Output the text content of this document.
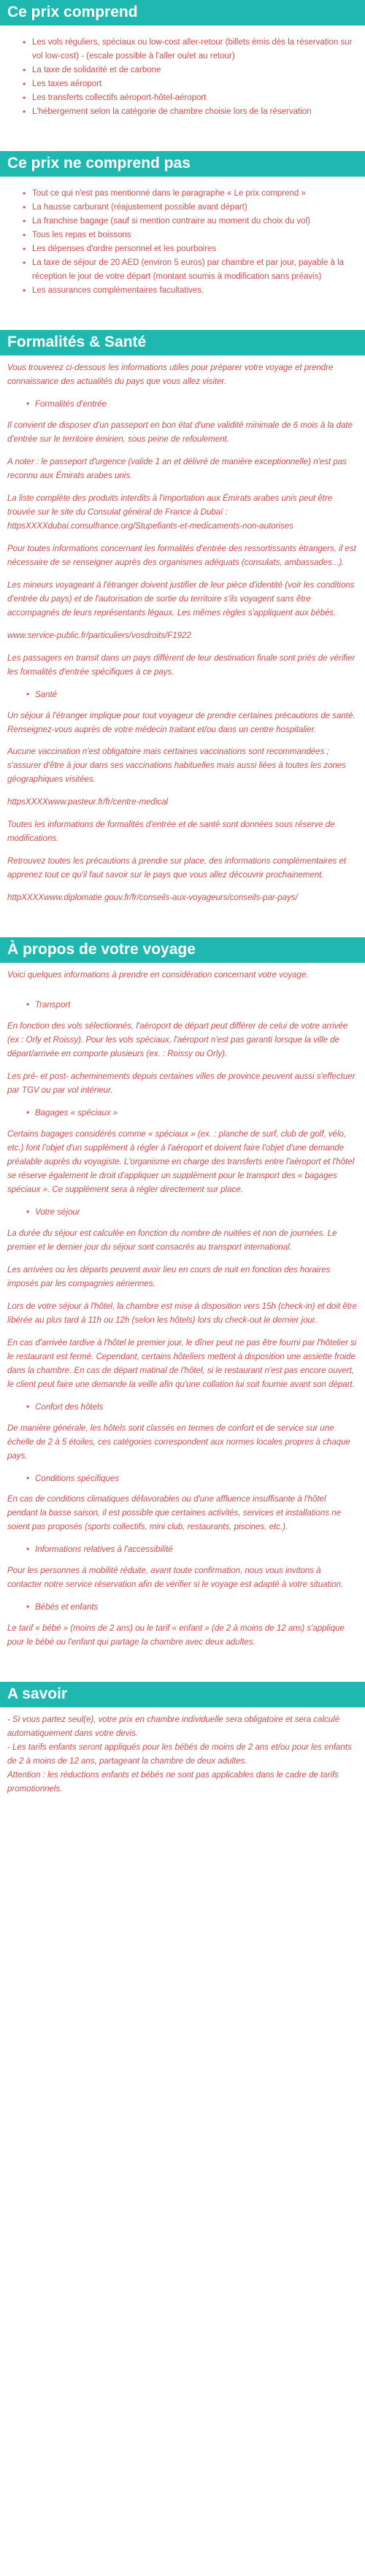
Ce prix comprend
• Les vols réguliers, spéciaux ou low-cost aller-retour (billets émis dès la réservation sur vol low-cost) - (escale possible à l'aller ou/et au retour)
• La taxe de solidarité et de carbone
• Les taxes aéroport
• Les transferts collectifs aéroport-hôtel-aéroport
• L'hébergement selon la catégorie de chambre choisie lors de la réservation
Ce prix ne comprend pas
• Tout ce qui n'est pas mentionné dans le paragraphe « Le prix comprend »
• La hausse carburant (réajustement possible avant départ)
• La franchise bagage (sauf si mention contraire au moment du choix du vol)
• Tous les repas et boissons
• Les dépenses d'ordre personnel et les pourboires
• La taxe de séjour de 20 AED (environ 5 euros) par chambre et par jour, payable à la réception le jour de votre départ (montant soumis à modification sans préavis)
• Les assurances complémentaires facultatives.
Formalités & Santé

Vous trouverez ci-dessous les informations utiles pour préparer votre voyage et prendre connaissance des actualités du pays que vous allez visiter.

• Formalités d'entrée

Il convient de disposer d'un passeport en bon état d'une validité minimale de 6 mois à la date d'entrée sur le territoire émirien, sous peine de refoulement.

A noter : le passeport d'urgence (valide 1 an et délivré de manière exceptionnelle) n'est pas reconnu aux Émirats arabes unis.

La liste complète des produits interdits à l'importation aux Émirats arabes unis peut être trouvée sur le site du Consulat général de France à Dubaï : httpsXXXXdubai.consulfrance.org/Stupefiants-et-medicaments-non-autorises

Pour toutes informations concernant les formalités d'entrée des ressortissants étrangers, il est nécessaire de se renseigner auprès des organismes adéquats (consulats, ambassades...).

Les mineurs voyageant à l'étranger doivent justifier de leur pièce d'identité (voir les conditions d'entrée du pays) et de l'autorisation de sortie du territoire s'ils voyagent sans être accompagnés de leurs représentants légaux. Les mêmes règles s'appliquent aux bébés.

www.service-public.fr/particuliers/vosdroits/F1922

Les passagers en transit dans un pays différent de leur destination finale sont priés de vérifier les formalités d'entrée spécifiques à ce pays.

• Santé

Un séjour à l'étranger implique pour tout voyageur de prendre certaines précautions de santé. Renseignez-vous auprès de votre médecin traitant et/ou dans un centre hospitalier.

Aucune vaccination n'est obligatoire mais certaines vaccinations sont recommandées ; s'assurer d'être à jour dans ses vaccinations habituelles mais aussi liées à toutes les zones géographiques visitées.

httpsXXXXwww.pasteur.fr/fr/centre-medical

Toutes les informations de formalités d'entrée et de santé sont données sous réserve de modifications.

Retrouvez toutes les précautions à prendre sur place, des informations complémentaires et apprenez tout ce qu'il faut savoir sur le pays que vous allez découvrir prochainement.

httpXXXXwww.diplomatie.gouv.fr/fr/conseils-aux-voyageurs/conseils-par-pays/

À propos de votre voyage

Voici quelques informations à prendre en considération concernant votre voyage.

• Transport

En fonction des vols sélectionnés, l'aéroport de départ peut différer de celui de votre arrivée (ex : Orly et Roissy). Pour les vols spéciaux, l'aéroport n'est pas garanti lorsque la ville de départ/arrivée en comporte plusieurs (ex. : Roissy ou Orly).

Les pré- et post- acheminements depuis certaines villes de province peuvent aussi s'effectuer par TGV ou par vol intérieur.

• Bagages « spéciaux »

Certains bagages considérés comme « spéciaux » (ex. : planche de surf, club de golf, vélo, etc.) font l'objet d'un supplément à régler à l'aéroport et doivent faire l'objet d'une demande préalable auprès du voyagiste. L'organisme en charge des transferts entre l'aéroport et l'hôtel se réserve également le droit d'appliquer un supplément pour le transport des « bagages spéciaux ». Ce supplément sera à régler directement sur place.

• Votre séjour

La durée du séjour est calculée en fonction du nombre de nuitées et non de journées. Le premier et le dernier jour du séjour sont consacrés au transport international.

Les arrivées ou les départs peuvent avoir lieu en cours de nuit en fonction des horaires imposés par les compagnies aériennes.

Lors de votre séjour à l'hôtel, la chambre est mise à disposition vers 15h (check-in) et doit être libérée au plus tard à 11h ou 12h (selon les hôtels) lors du check-out le dernier jour.

En cas d'arrivée tardive à l'hôtel le premier jour, le dîner peut ne pas être fourni par l'hôtelier si le restaurant est fermé. Cependant, certains hôteliers mettent à disposition une assiette froide dans la chambre. En cas de départ matinal de l'hôtel, si le restaurant n'est pas encore ouvert, le client peut faire une demande la veille afin qu'une collation lui soit fournie avant son départ.

• Confort des hôtels

De manière générale, les hôtels sont classés en termes de confort et de service sur une échelle de 2 à 5 étoiles, ces catégories correspondent aux normes locales propres à chaque pays.

• Conditions spécifiques

En cas de conditions climatiques défavorables ou d'une affluence insuffisante à l'hôtel pendant la basse saison, il est possible que certaines activités, services et installations ne soient pas proposés (sports collectifs, mini club, restaurants, piscines, etc.).

• Informations relatives à l'accessibilité

Pour les personnes à mobilité réduite, avant toute confirmation, nous vous invitons à contacter notre service réservation afin de vérifier si le voyage est adapté à votre situation.

• Bébés et enfants

Le tarif « bébé » (moins de 2 ans) ou le tarif « enfant » (de 2 à moins de 12 ans) s'applique pour le bébé ou l'enfant qui partage la chambre avec deux adultes.

A savoir

- Si vous partez seul(e), votre prix en chambre individuelle sera obligatoire et sera calculé automatiquement dans votre devis.

- Les tarifs enfants seront appliqués pour les bébés de moins de 2 ans et/ou pour les enfants de 2 à moins de 12 ans, partageant la chambre de deux adultes.

Attention : les réductions enfants et bébés ne sont pas applicables dans le cadre de tarifs promotionnels.
